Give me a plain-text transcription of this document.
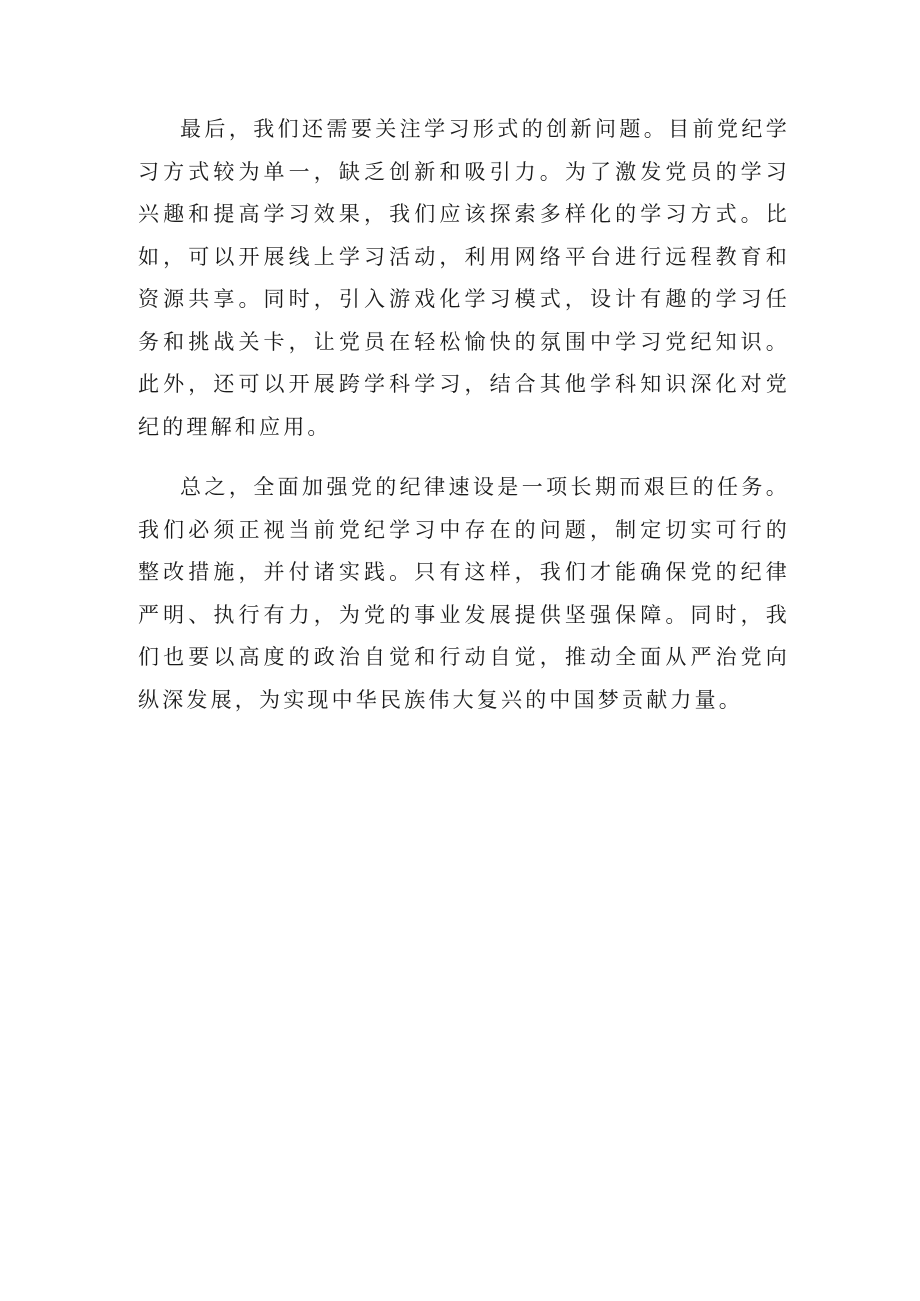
最后，我们还需要关注学习形式的创新问题。目前党纪学习方式较为单一，缺乏创新和吸引力。为了激发党员的学习兴趣和提高学习效果，我们应该探索多样化的学习方式。比如，可以开展线上学习活动，利用网络平台进行远程教育和资源共享。同时，引入游戏化学习模式，设计有趣的学习任务和挑战关卡，让党员在轻松愉快的氛围中学习党纪知识。此外，还可以开展跨学科学习，结合其他学科知识深化对党纪的理解和应用。

总之，全面加强党的纪律速设是一项长期而艰巨的任务。我们必须正视当前党纪学习中存在的问题，制定切实可行的整改措施，并付诸实践。只有这样，我们才能确保党的纪律严明、执行有力，为党的事业发展提供坚强保障。同时，我们也要以高度的政治自觉和行动自觉，推动全面从严治党向纵深发展，为实现中华民族伟大复兴的中国梦贡献力量。
